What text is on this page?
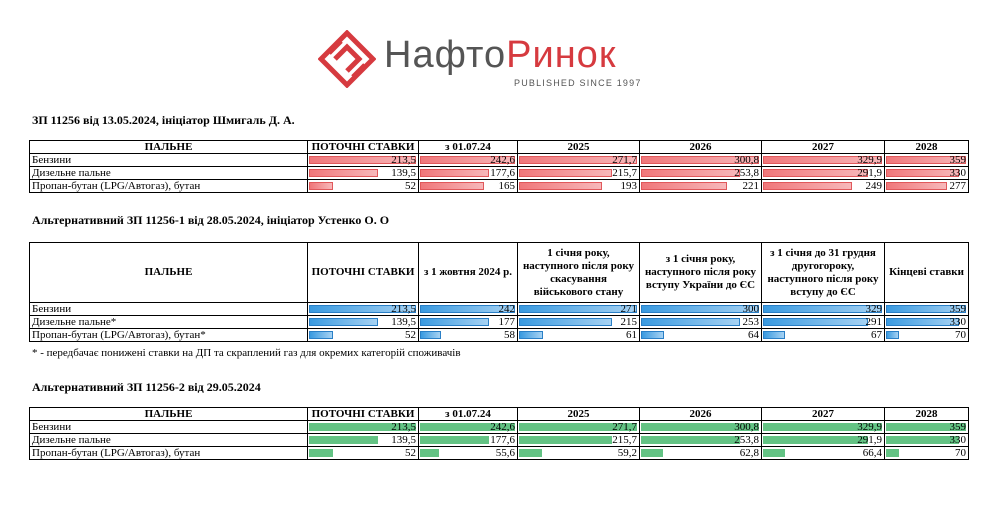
НафтоРинок
PUBLISHED SINCE 1997
ЗП 11256 від 13.05.2024, ініціатор Шмигаль Д. А.
ПАЛЬНЕ	ПОТОЧНІ СТАВКИ	з 01.07.24	2025	2026	2027	2028
Бензини	213,5	242,6	271,7	300,8	329,9	359
Дизельне пальне	139,5	177,6	215,7	253,8	291,9	330
Пропан-бутан (LPG/Автогаз), бутан	52	165	193	221	249	277
Альтернативний ЗП 11256-1 від 28.05.2024, ініціатор Устенко О. О
ПАЛЬНЕ	ПОТОЧНІ СТАВКИ	з 1 жовтня 2024 р.	1 січня року, наступного після року скасування військового стану	з 1 січня року, наступного після року вступу України до ЄС	з 1 січня до 31 грудня другогороку, наступного після року вступу до ЄС	Кінцеві ставки
Бензини	213,5	242	271	300	329	359
Дизельне пальне*	139,5	177	215	253	291	330
Пропан-бутан (LPG/Автогаз), бутан*	52	58	61	64	67	70
* - передбачає понижені ставки на ДП та скраплений газ для окремих категорій споживачів
Альтернативний ЗП 11256-2 від 29.05.2024
ПАЛЬНЕ	ПОТОЧНІ СТАВКИ	з 01.07.24	2025	2026	2027	2028
Бензини	213,5	242,6	271,7	300,8	329,9	359
Дизельне пальне	139,5	177,6	215,7	253,8	291,9	330
Пропан-бутан (LPG/Автогаз), бутан	52	55,6	59,2	62,8	66,4	70
